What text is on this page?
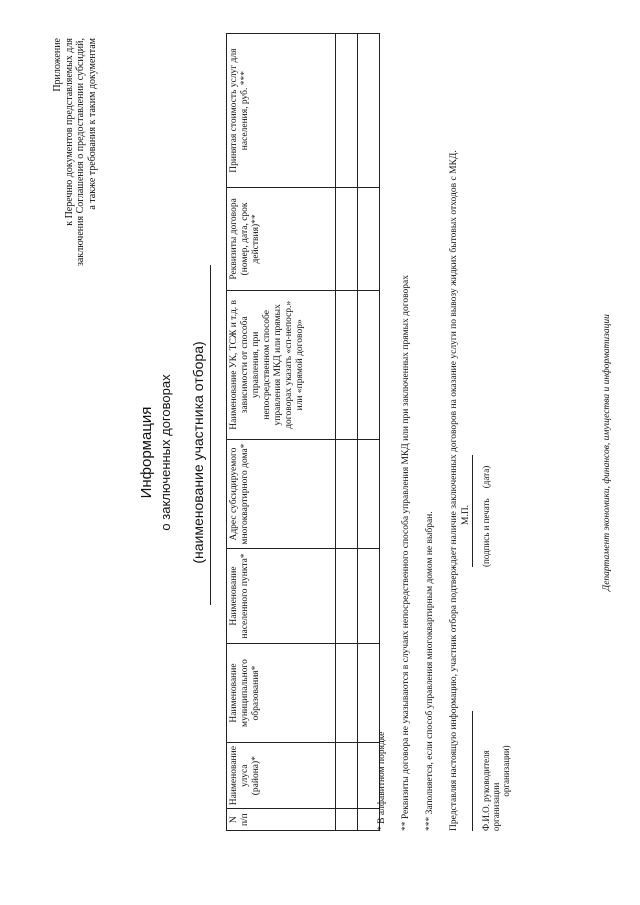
Приложение к Перечню документов представляемых для заключения Соглашения о предоставлении субсидий, а также требования к таким документам
Информация о заключенных договорах (наименование участника отбора)
N п/п	Наименование улуса (района)*	Наименование муниципального образования*	Наименование населенного пункта*	Адрес субсидируемого многоквартирного дома*	Наименование УК, ТСЖ и т.д. в зависимости от способа управления, при непосредственном способе управления МКД или прямых договорах указать «сп-непоср.» или «прямой договор»	Реквизиты договора (номер, дата, срок действия)**	Принятая стоимость услуг для населения, руб. ***

* В алфавитном порядке ** Реквизиты договора не указываются в случаях непосредственного способа управления МКД или при заключенных прямых договорах *** Заполняется, если способ управления многоквартирным домом не выбран. Представляя настоящую информацию, участник отбора подтверждает наличие заключенных договоров на оказание услуги по вывозу жидких бытовых отходов с МКД. Ф.И.О. руководителя организации
организации)
М.П. (подпись и печать
(дата)	Департамент экономики, финансов, имущества и информатизации
